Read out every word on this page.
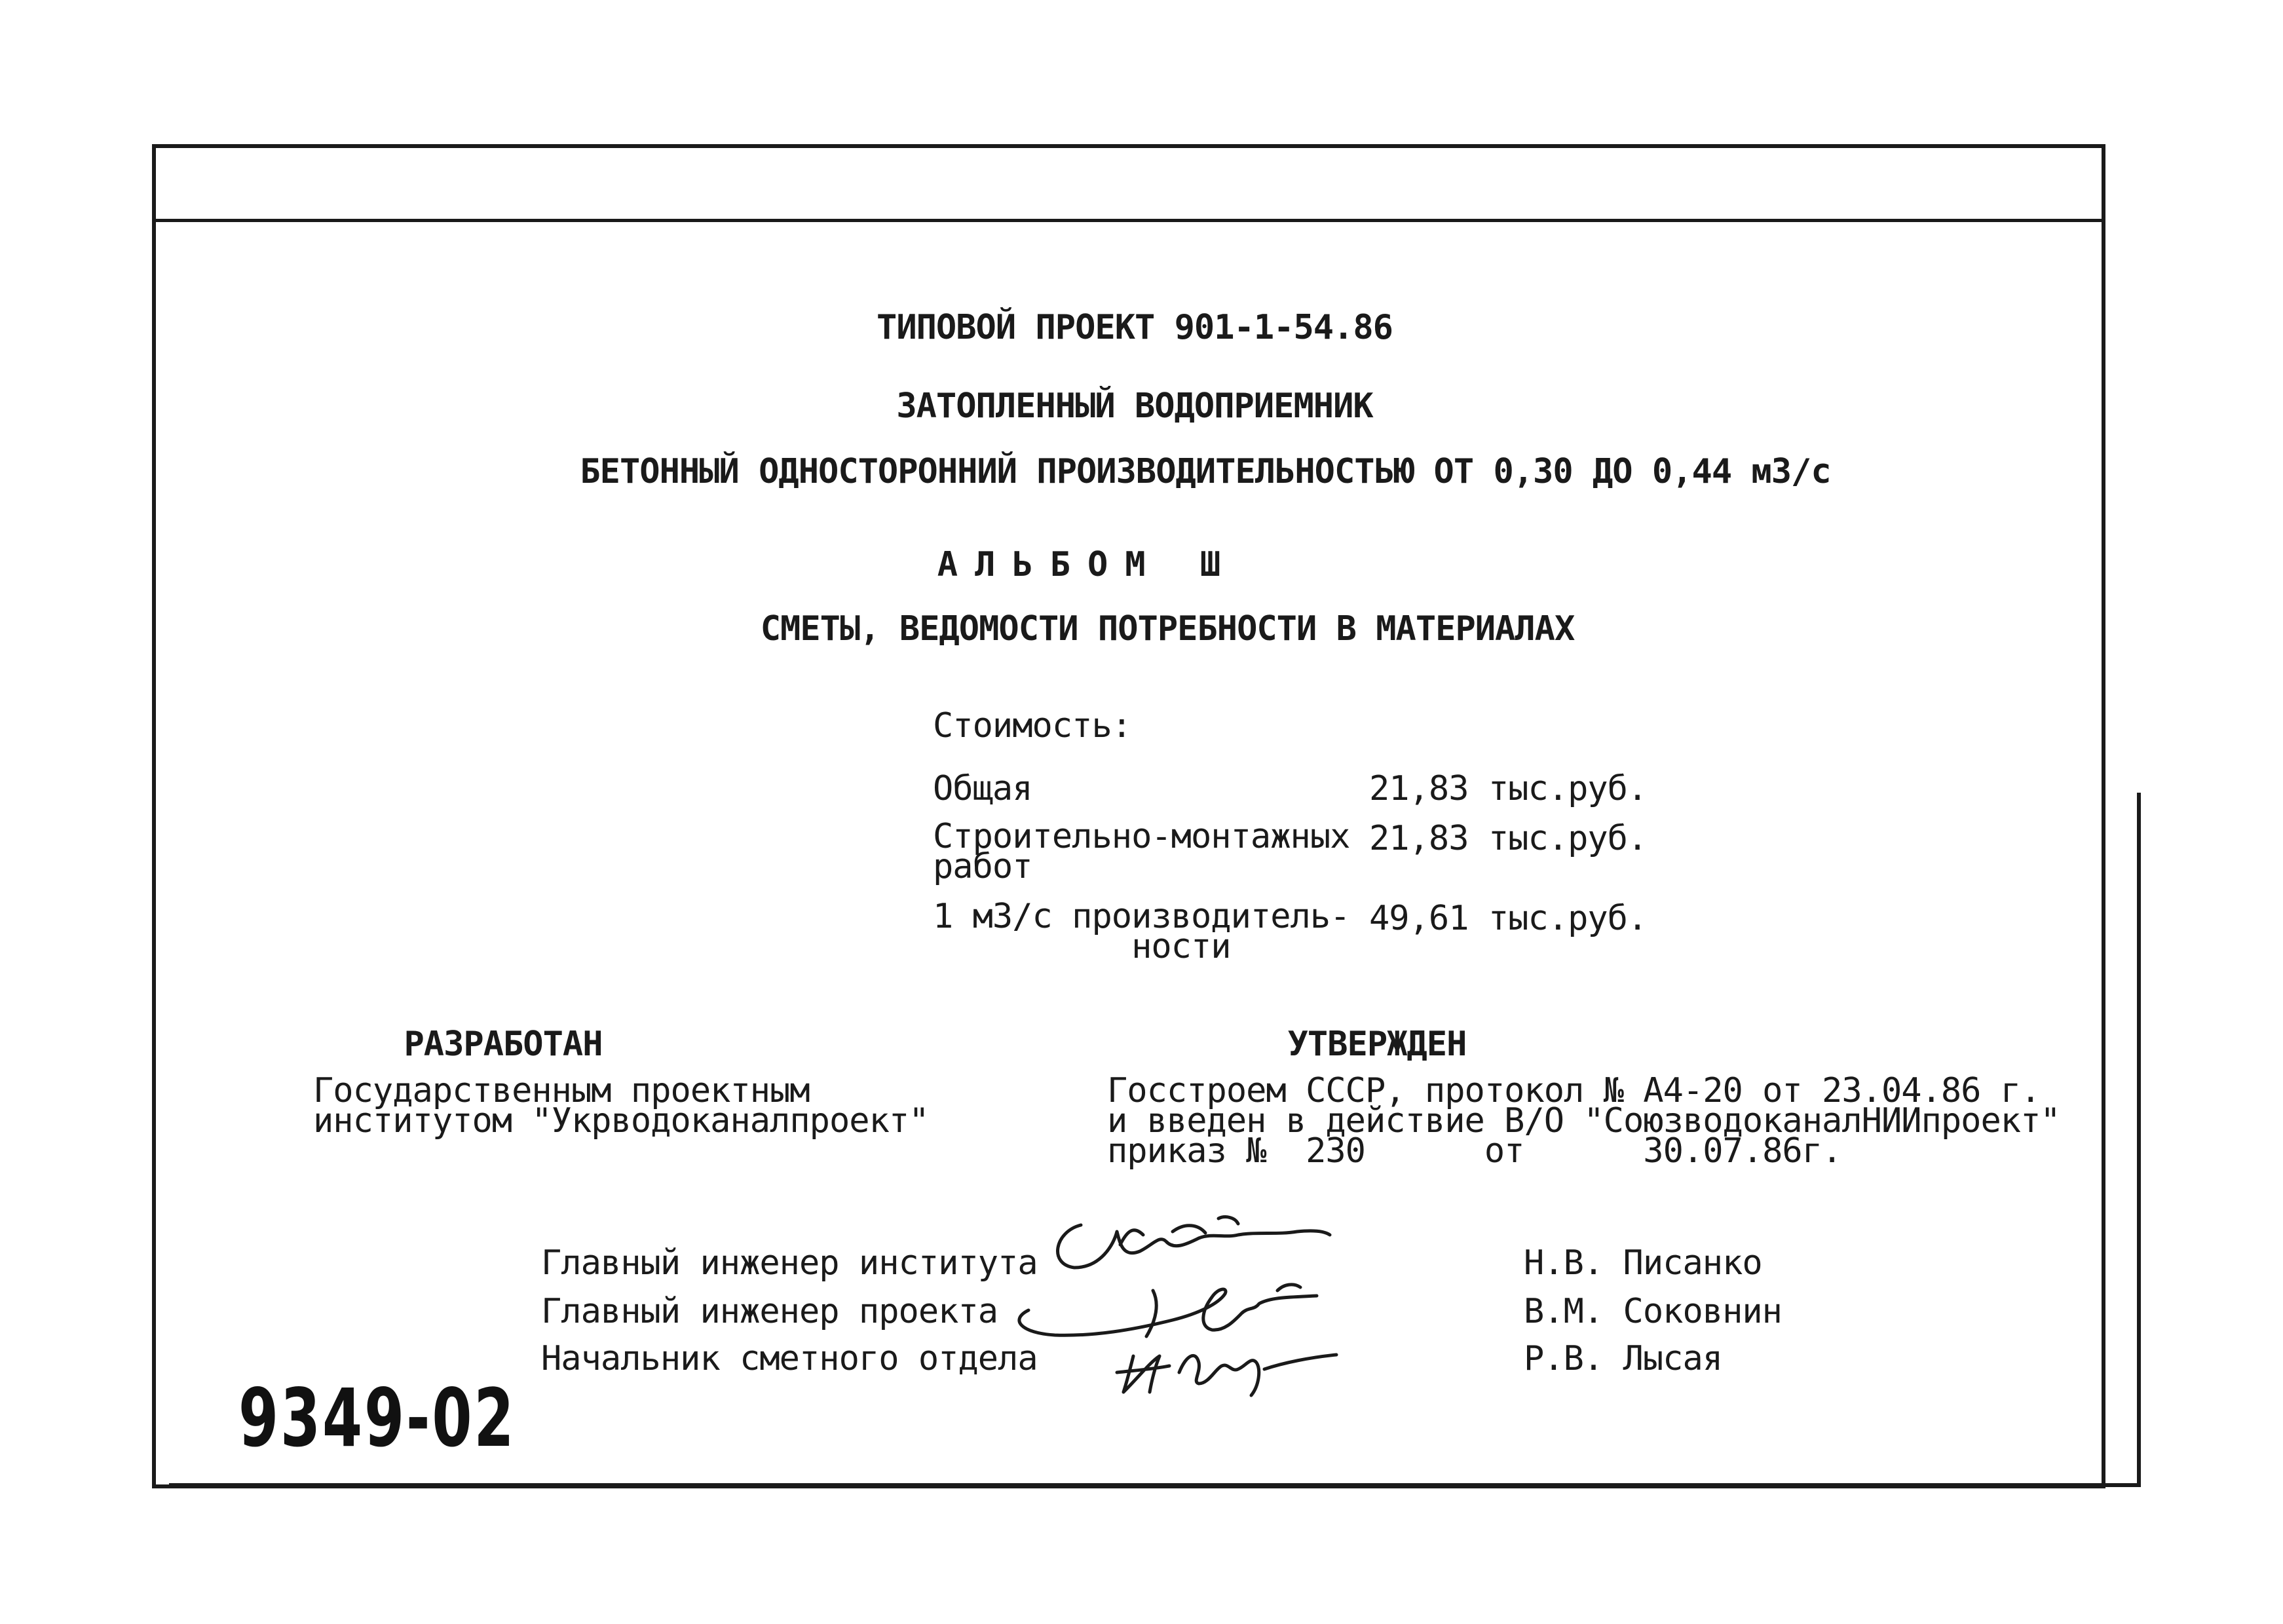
ТИПОВОЙ ПРОЕКТ 901-1-54.86
ЗАТОПЛЕННЫЙ ВОДОПРИЕМНИК
БЕТОННЫЙ ОДНОСТОРОННИЙ ПРОИЗВОДИТЕЛЬНОСТЬЮ ОТ 0,30 ДО 0,44 м3/с
АЛЬБОМ Ш
СМЕТЫ, ВЕДОМОСТИ ПОТРЕБНОСТИ В МАТЕРИАЛАХ
Стоимость:
Общая	21,83 тыс.руб.
Строительно-монтажных
работ
21,83 тыс.руб.
1 м3/с производитель-
ности
49,61 тыс.руб.
РАЗРАБОТАН
Государственным проектным
институтом "Укрводоканалпроект"
УТВЕРЖДЕН
Госстроем СССР, протокол № А4-20 от 23.04.86 г.
и введен в действие В/О "СоюзводоканалНИИпроект"
приказ №  230      от      30.07.86г.
Главный инженер института
Главный инженер проекта
Начальник сметного отдела
Н.В. Писанко
В.М. Соковнин
Р.В. Лысая
9349-02
